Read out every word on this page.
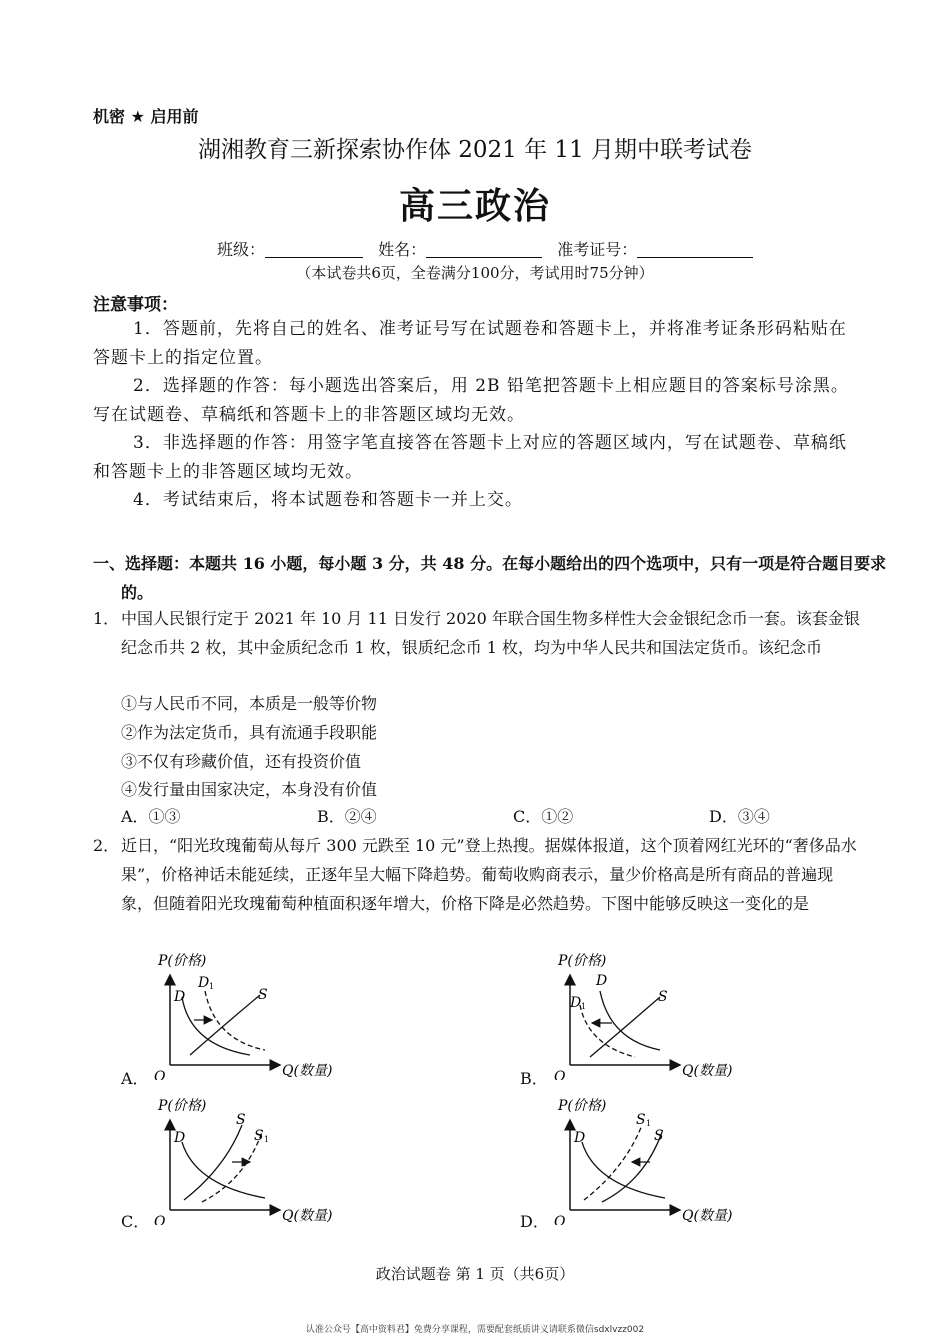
机密 ★ 启用前
湖湘教育三新探索协作体 2021 年 11 月期中联考试卷
高三政治
班级：	姓名：	准考证号：
（本试卷共6页，全卷满分100分，考试用时75分钟）
注意事项：
1．答题前，先将自己的姓名、准考证号写在试题卷和答题卡上，并将准考证条形码粘贴在答题卡上的指定位置。
2．选择题的作答：每小题选出答案后，用 2B 铅笔把答题卡上相应题目的答案标号涂黑。写在试题卷、草稿纸和答题卡上的非答题区域均无效。
3．非选择题的作答：用签字笔直接答在答题卡上对应的答题区域内，写在试题卷、草稿纸和答题卡上的非答题区域均无效。
4．考试结束后，将本试题卷和答题卡一并上交。
一、选择题：本题共 16 小题，每小题 3 分，共 48 分。在每小题给出的四个选项中，只有一项是符合题目要求的。
1． 中国人民银行定于 2021 年 10 月 11 日发行 2020 年联合国生物多样性大会金银纪念币一套。该套金银纪念币共 2 枚，其中金质纪念币 1 枚，银质纪念币 1 枚，均为中华人民共和国法定货币。该纪念币
①与人民币不同，本质是一般等价物
②作为法定货币，具有流通手段职能
③不仅有珍藏价值，还有投资价值
④发行量由国家决定，本身没有价值
A．①③	B．②④	C．①②	D．③④
2． 近日，“阳光玫瑰葡萄从每斤 300 元跌至 10 元”登上热搜。据媒体报道，这个顶着网红光环的“奢侈品水果”，价格神话未能延续，正逐年呈大幅下降趋势。葡萄收购商表示，量少价格高是所有商品的普遍现象，但随着阳光玫瑰葡萄种植面积逐年增大，价格下降是必然趋势。下图中能够反映这一变化的是
A．
P(价格)
Q(数量)
O
D
D 1
S
B．
P(价格)
Q(数量)
O
D
D 1
S
C．
P(价格)
Q(数量)
O
D
S
S 1
D．
P(价格)
Q(数量)
O
D	S
S 1
政治试题卷 第 1 页（共6页）
认准公众号【高中资料君】免费分享课程，需要配套纸质讲义请联系微信sdxlvzz002
